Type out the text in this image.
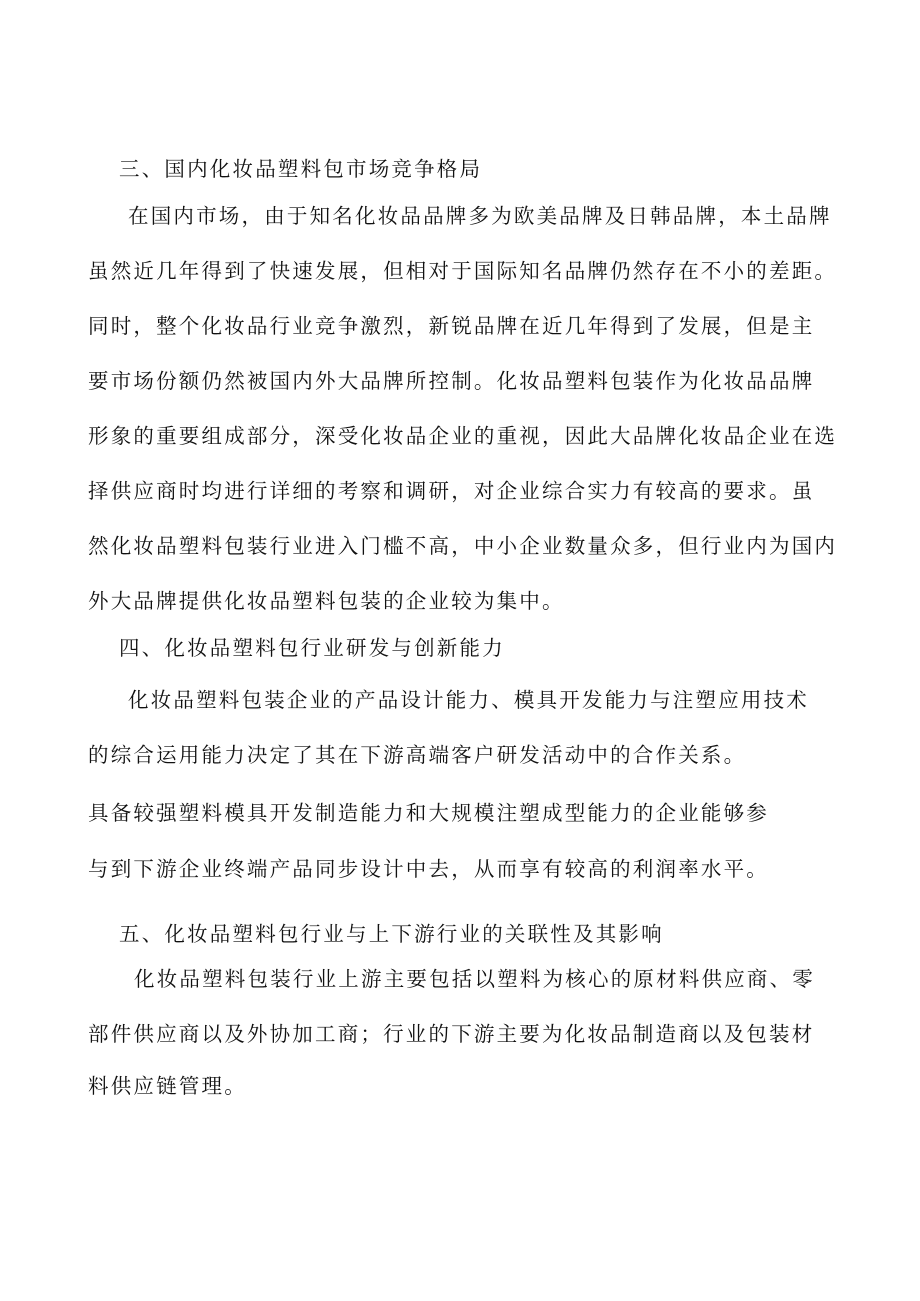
三、国内化妆品塑料包市场竞争格局

在国内市场，由于知名化妆品品牌多为欧美品牌及日韩品牌，本土品牌

虽然近几年得到了快速发展，但相对于国际知名品牌仍然存在不小的差距。

同时，整个化妆品行业竞争激烈，新锐品牌在近几年得到了发展，但是主

要市场份额仍然被国内外大品牌所控制。化妆品塑料包装作为化妆品品牌

形象的重要组成部分，深受化妆品企业的重视，因此大品牌化妆品企业在选

择供应商时均进行详细的考察和调研，对企业综合实力有较高的要求。虽

然化妆品塑料包装行业进入门槛不高，中小企业数量众多，但行业内为国内

外大品牌提供化妆品塑料包装的企业较为集中。

四、化妆品塑料包行业研发与创新能力

化妆品塑料包装企业的产品设计能力、模具开发能力与注塑应用技术

的综合运用能力决定了其在下游高端客户研发活动中的合作关系。

具备较强塑料模具开发制造能力和大规模注塑成型能力的企业能够参

与到下游企业终端产品同步设计中去，从而享有较高的利润率水平。

五、化妆品塑料包行业与上下游行业的关联性及其影响

化妆品塑料包装行业上游主要包括以塑料为核心的原材料供应商、零

部件供应商以及外协加工商；行业的下游主要为化妆品制造商以及包装材

料供应链管理。
